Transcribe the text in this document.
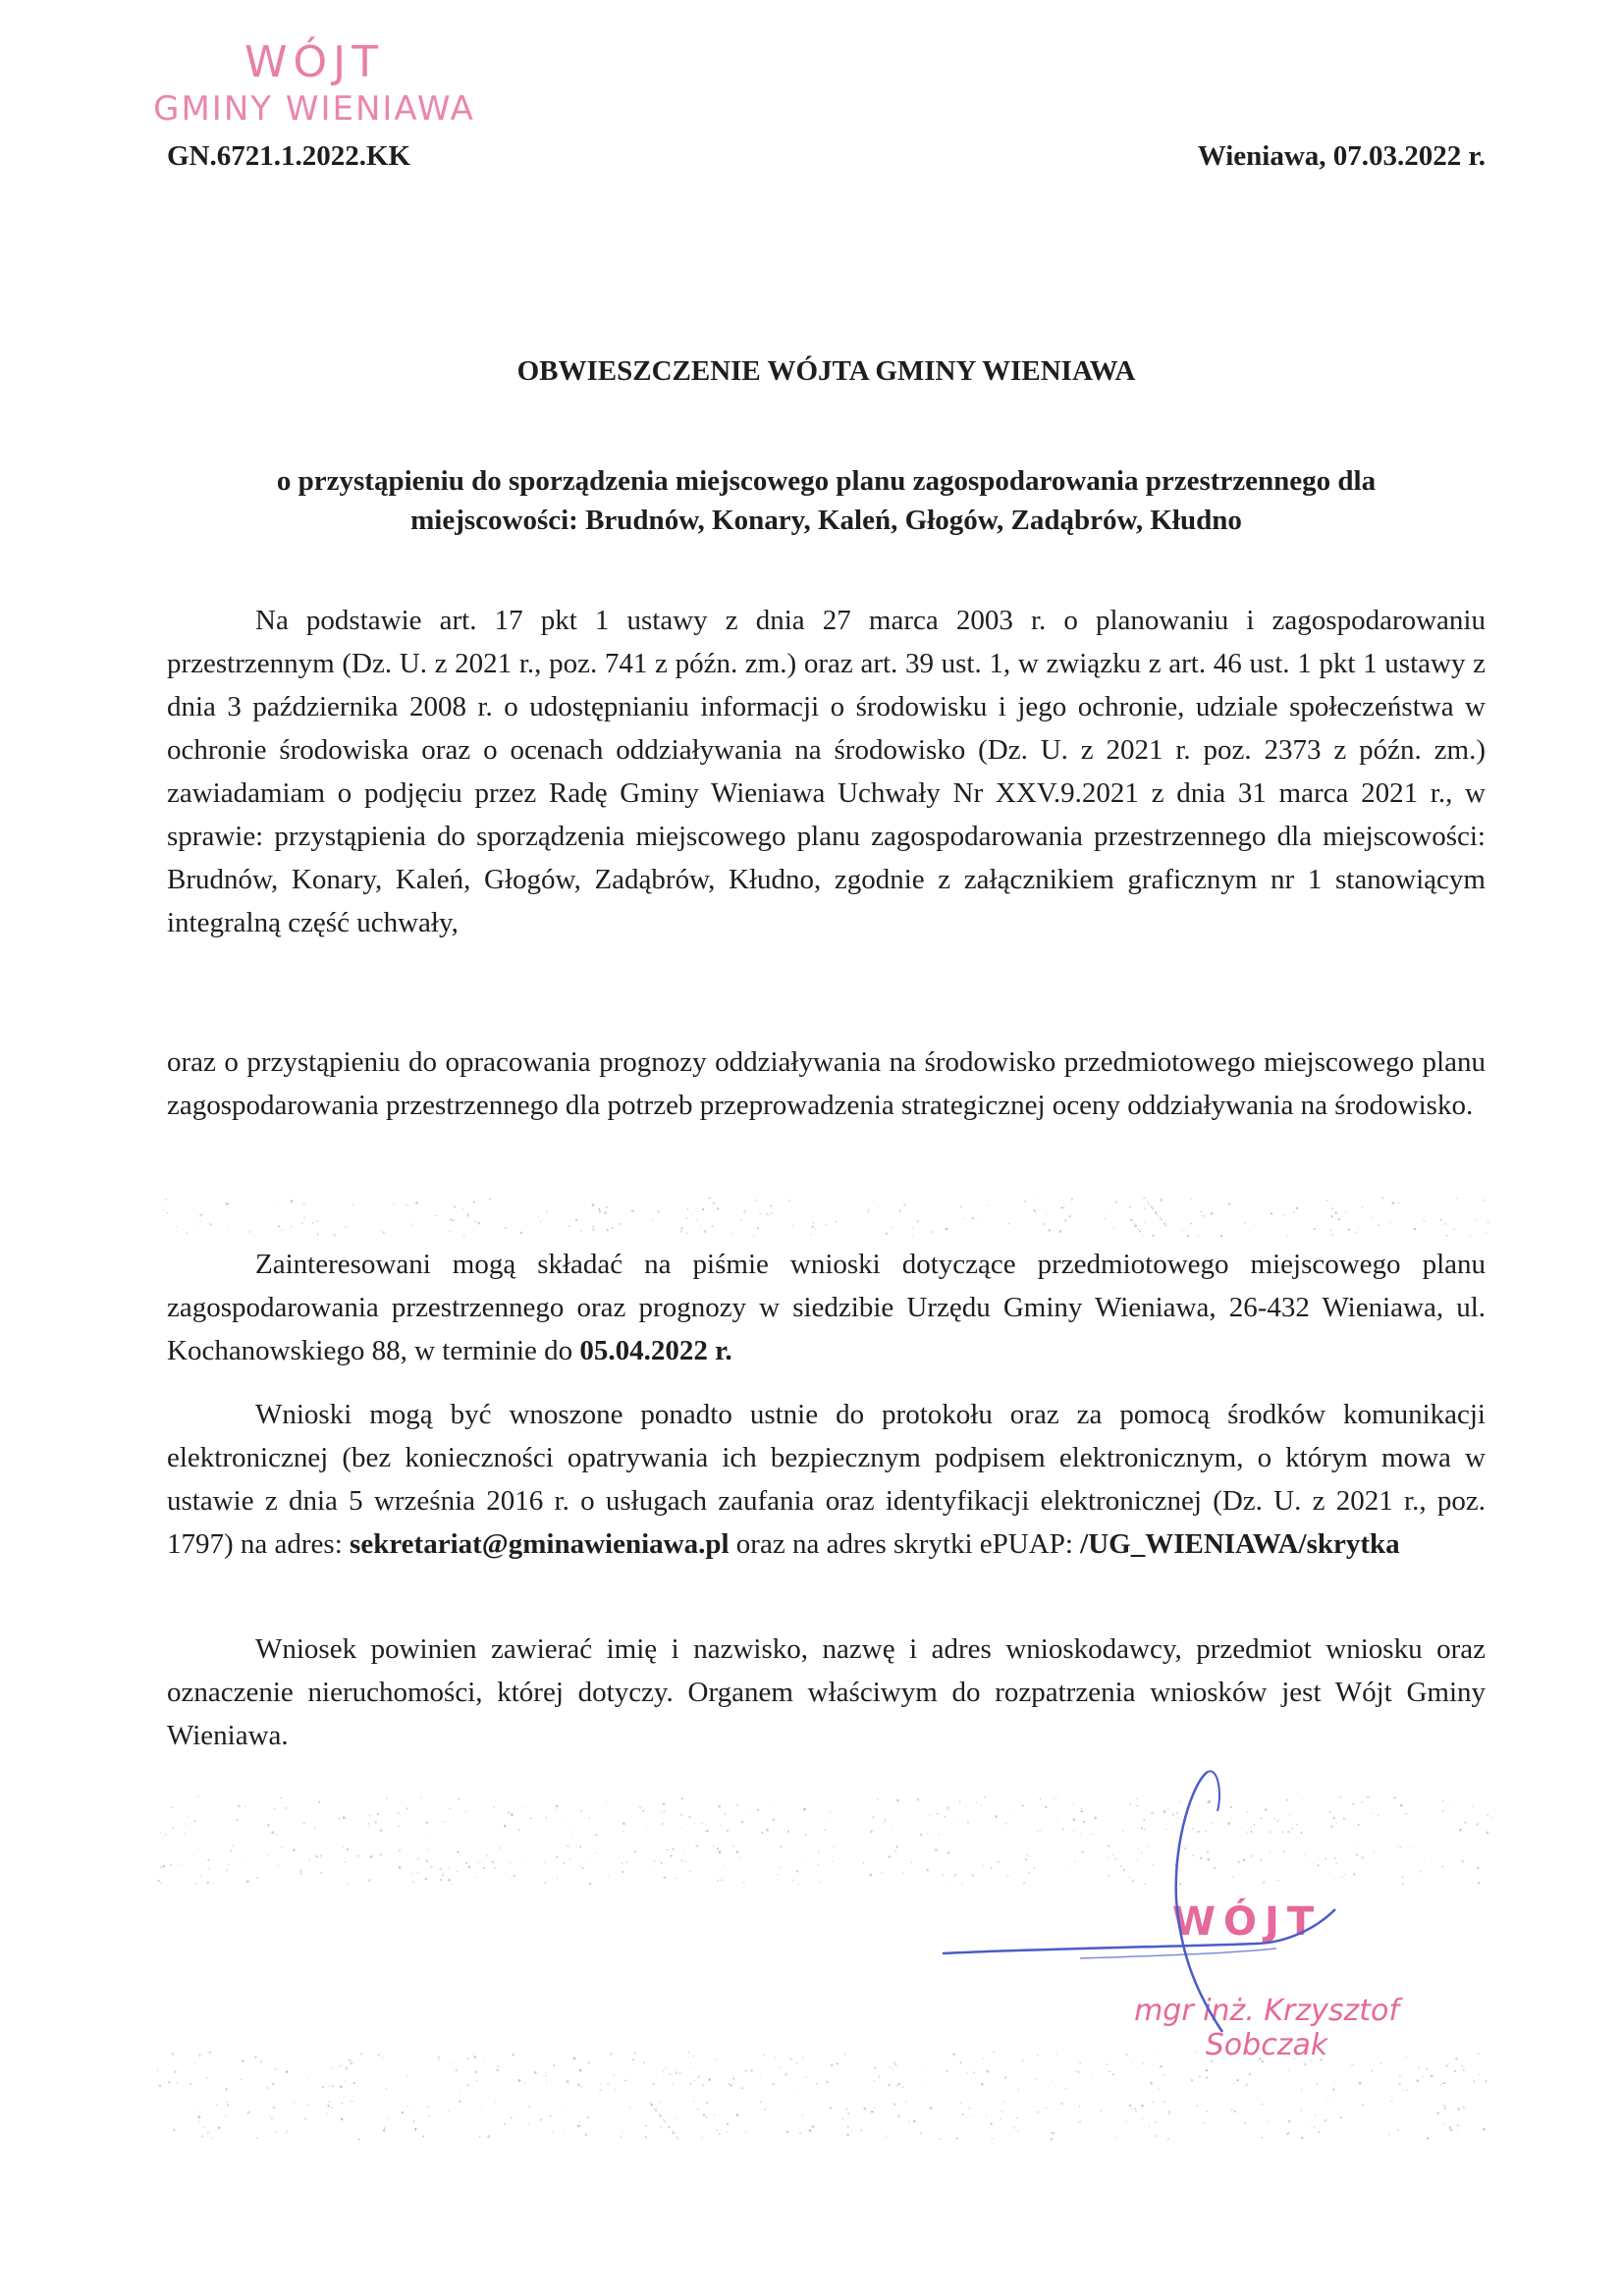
WÓJT
GMINY WIENIAWA
GN.6721.1.2022.KK	Wieniawa, 07.03.2022 r.
OBWIESZCZENIE WÓJTA GMINY WIENIAWA
o przystąpieniu do sporządzenia miejscowego planu zagospodarowania przestrzennego dla miejscowości: Brudnów, Konary, Kaleń, Głogów, Zadąbrów, Kłudno
Na podstawie art. 17 pkt 1 ustawy z dnia 27 marca 2003 r. o planowaniu i zagospodarowaniu przestrzennym (Dz. U. z 2021 r., poz. 741 z późn. zm.) oraz art. 39 ust. 1, w związku z art. 46 ust. 1 pkt 1 ustawy z dnia 3 października 2008 r. o udostępnianiu informacji o środowisku i jego ochronie, udziale społeczeństwa w ochronie środowiska oraz o ocenach oddziaływania na środowisko (Dz. U. z 2021 r. poz. 2373 z późn. zm.) zawiadamiam o podjęciu przez Radę Gminy Wieniawa Uchwały Nr XXV.9.2021 z dnia 31 marca 2021 r., w sprawie: przystąpienia do sporządzenia miejscowego planu zagospodarowania przestrzennego dla miejscowości: Brudnów, Konary, Kaleń, Głogów, Zadąbrów, Kłudno, zgodnie z załącznikiem graficznym nr 1 stanowiącym integralną część uchwały,
oraz o przystąpieniu do opracowania prognozy oddziaływania na środowisko przedmiotowego miejscowego planu zagospodarowania przestrzennego dla potrzeb przeprowadzenia strategicznej oceny oddziaływania na środowisko.
Zainteresowani mogą składać na piśmie wnioski dotyczące przedmiotowego miejscowego planu zagospodarowania przestrzennego oraz prognozy w siedzibie Urzędu Gminy Wieniawa, 26-432 Wieniawa, ul. Kochanowskiego 88, w terminie do 05.04.2022 r.
Wnioski mogą być wnoszone ponadto ustnie do protokołu oraz za pomocą środków komunikacji elektronicznej (bez konieczności opatrywania ich bezpiecznym podpisem elektronicznym, o którym mowa w ustawie z dnia 5 września 2016 r. o usługach zaufania oraz identyfikacji elektronicznej (Dz. U. z 2021 r., poz. 1797) na adres: sekretariat@gminawieniawa.pl oraz na adres skrytki ePUAP: /UG_WIENIAWA/skrytka
Wniosek powinien zawierać imię i nazwisko, nazwę i adres wnioskodawcy, przedmiot wniosku oraz oznaczenie nieruchomości, której dotyczy. Organem właściwym do rozpatrzenia wniosków jest Wójt Gminy Wieniawa.
WÓJT
mgr inż. Krzysztof Sobczak
